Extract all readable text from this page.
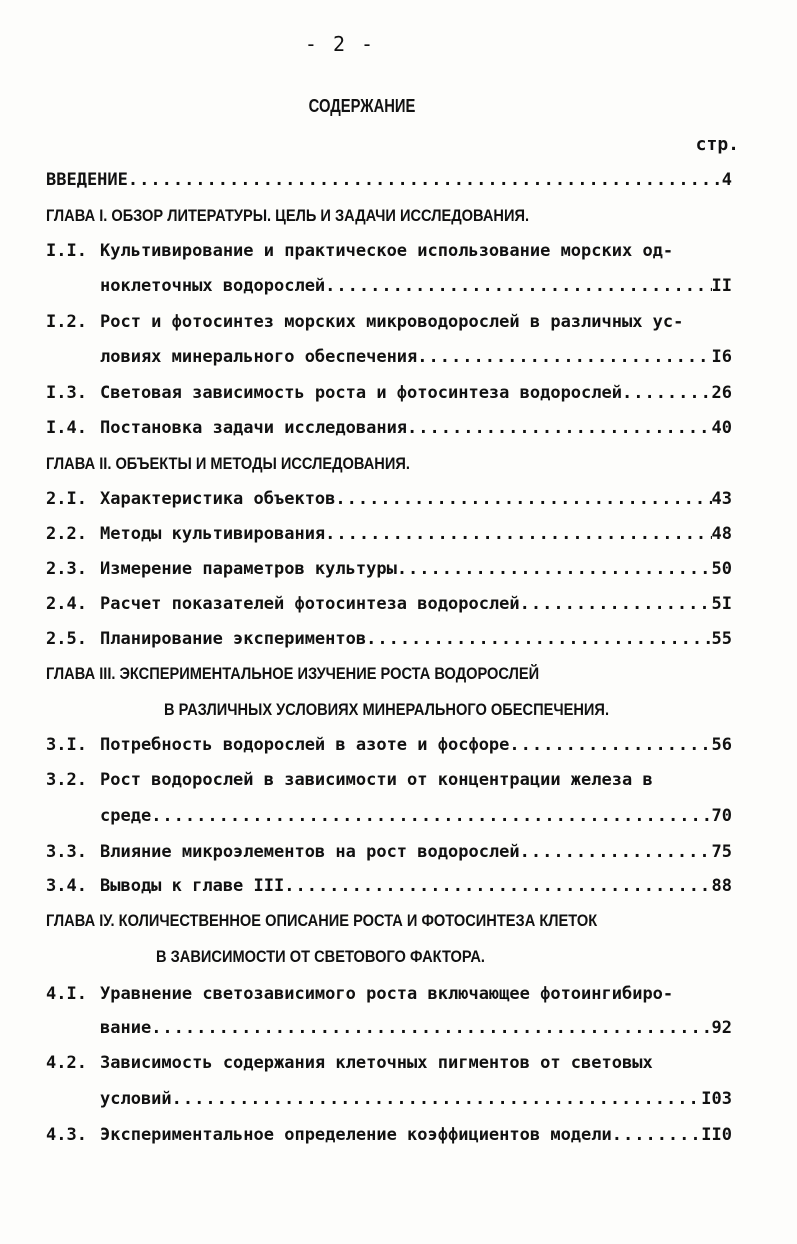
- 2 -
СОДЕРЖАНИЕ
стр.
ВВЕДЕНИЕ .....	4
ГЛАВА I. ОБЗОР ЛИТЕРАТУРЫ. ЦЕЛЬ И ЗАДАЧИ ИССЛЕДОВАНИЯ.
I.I. Культивирование и практическое использование морских од-
ноклеточных водорослей .....	II
I.2. Рост и фотосинтез морских микроводорослей в различных ус-
ловиях минерального обеспечения .....	I6
I.3. Световая зависимость роста и фотосинтеза водорослей .....	26
I.4. Постановка задачи исследования .....	40
ГЛАВА II. ОБЪЕКТЫ И МЕТОДЫ ИССЛЕДОВАНИЯ.
2.I. Характеристика объектов .....	43
2.2. Методы культивирования .....	48
2.3. Измерение параметров культуры .....	50
2.4. Расчет показателей фотосинтеза водорослей .....	5I
2.5. Планирование экспериментов .....	55
ГЛАВА III. ЭКСПЕРИМЕНТАЛЬНОЕ ИЗУЧЕНИЕ РОСТА ВОДОРОСЛЕЙ
В РАЗЛИЧНЫХ УСЛОВИЯХ МИНЕРАЛЬНОГО ОБЕСПЕЧЕНИЯ.
3.I. Потребность водорослей в азоте и фосфоре .....	56
3.2. Рост водорослей в зависимости от концентрации железа в
среде .....	70
3.3. Влияние микроэлементов на рост водорослей .....	75
3.4. Выводы к главе III .....	88
ГЛАВА IУ. КОЛИЧЕСТВЕННОЕ ОПИСАНИЕ РОСТА И ФОТОСИНТЕЗА КЛЕТОК
В ЗАВИСИМОСТИ ОТ СВЕТОВОГО ФАКТОРА.
4.I. Уравнение светозависимого роста включающее фотоингибиро-
вание .....	92
4.2. Зависимость содержания клеточных пигментов от световых
условий .....	I03
4.3. Экспериментальное определение коэффициентов модели .....	II0
